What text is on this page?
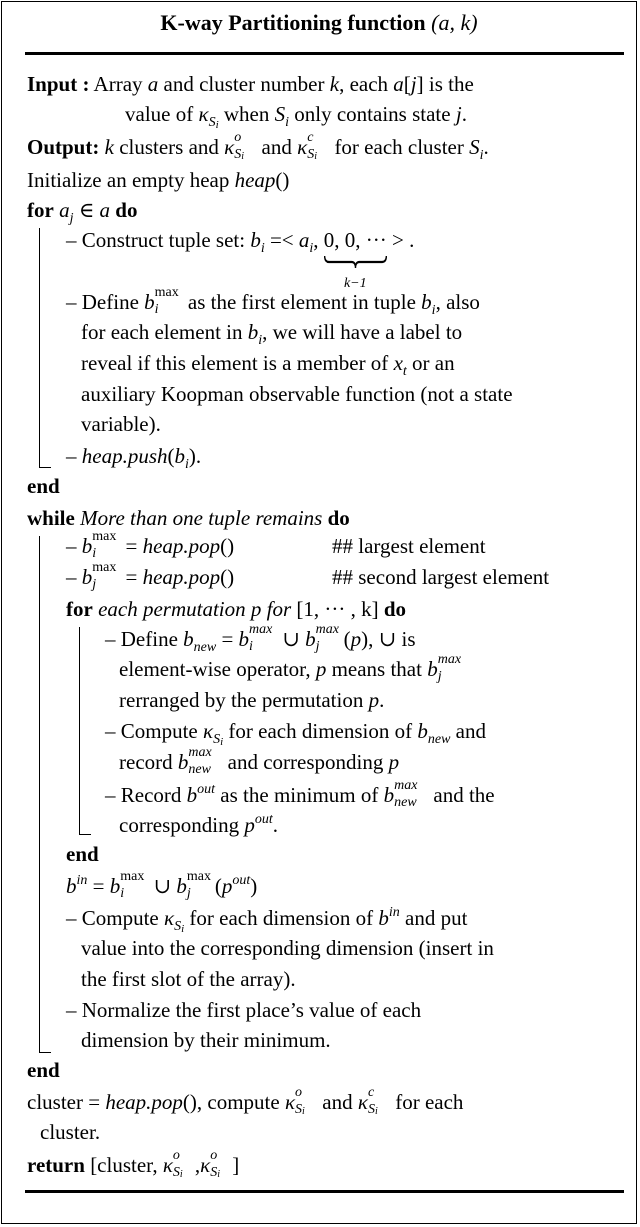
K-way Partitioning function (a, k)
Input : Array a and cluster number k, each a[j] is the
value of $\kappa_{S_i}$ when $S_i$ only contains state j.
Output: k clusters and κ o
$S_i$ and κ c
$S_i$ for each cluster $S_i$.
Initialize an empty heap heap()
for $a_j$ ∈ a do
– Construct tuple set: $b_i =< a_i$, 0, 0, ···
k−1
> .
– Define b max
i as the first element in tuple $b_i$, also
for each element in $b_i$, we will have a label to
reveal if this element is a member of $x_t$ or an
auxiliary Koopman observable function (not a state
variable).
– $heap.push(b_i)$.
end
while More than one tuple remains do
– b max
i = heap.pop()	## largest element
– b max
j = heap.pop()	## second largest element
for each permutation p for [1, ··· , k] do
– Define $b_{new} = b$ max
i ∪ b max
j (p), ∪ is
element-wise operator, p means that b max
j
rerranged by the permutation p.
– Compute $\kappa_{S_i}$ for each dimension of $b_{new}$ and
record b max
new and corresponding p
– Record $b^{out}$ as the minimum of b max
new and the
corresponding $p^{out}$.
end
$b^{in} = b$ max
i ∪ b max
j $(p^{out})$
– Compute $\kappa_{S_i}$ for each dimension of $b^{in}$ and put
value into the corresponding dimension (insert in
the first slot of the array).
– Normalize the first place’s value of each
dimension by their minimum.
end
cluster = heap.pop(), compute κ o
$S_i$ and κ c
$S_i$ for each
cluster.
return [cluster, κ o
$S_i$ ,κ o
$S_i$ ]
